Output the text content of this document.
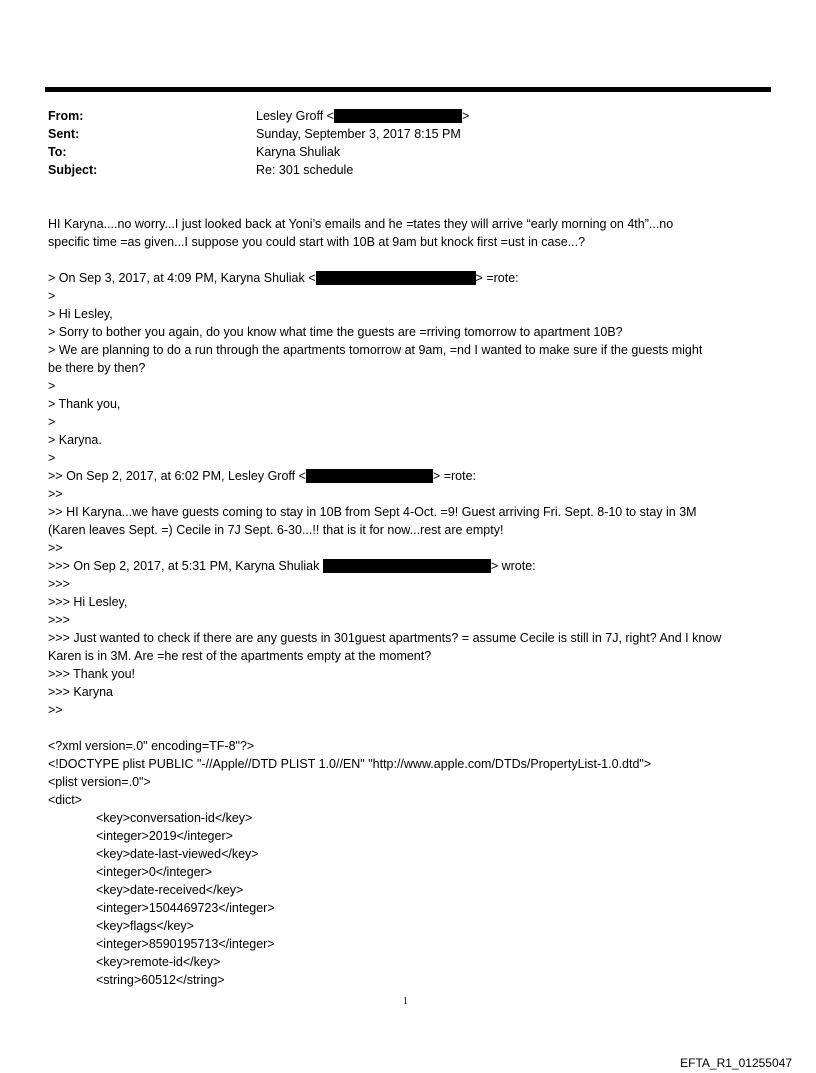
From:	Lesley Groff <	>
Sent:	Sunday, September 3, 2017 8:15 PM
To:	Karyna Shuliak
Subject:	Re: 301 schedule
HI Karyna....no worry...I just looked back at Yoni’s emails and he =tates they will arrive “early morning on 4th”...no
specific time =as given...I suppose you could start with 10B at 9am but knock first =ust in case...?
> On Sep 3, 2017, at 4:09 PM, Karyna Shuliak <	> =rote:
>
> Hi Lesley,
> Sorry to bother you again, do you know what time the guests are =rriving tomorrow to apartment 10B?
> We are planning to do a run through the apartments tomorrow at 9am, =nd I wanted to make sure if the guests might
be there by then?
>
> Thank you,
>
> Karyna.
>
>> On Sep 2, 2017, at 6:02 PM, Lesley Groff <	> =rote:
>>
>> HI Karyna...we have guests coming to stay in 10B from Sept 4-Oct. =9! Guest arriving Fri. Sept. 8-10 to stay in 3M
(Karen leaves Sept. =) Cecile in 7J Sept. 6-30...!! that is it for now...rest are empty!
>>
>>> On Sep 2, 2017, at 5:31 PM, Karyna Shuliak	> wrote:
>>>
>>> Hi Lesley,
>>>
>>> Just wanted to check if there are any guests in 301guest apartments? = assume Cecile is still in 7J, right? And I know
Karen is in 3M. Are =he rest of the apartments empty at the moment?
>>> Thank you!
>>> Karyna
>>
<?xml version=.0" encoding=TF-8"?>
<!DOCTYPE plist PUBLIC "-//Apple//DTD PLIST 1.0//EN" "http://www.apple.com/DTDs/PropertyList-1.0.dtd">
<plist version=.0">
<dict>
<key>conversation-id</key>
<integer>2019</integer>
<key>date-last-viewed</key>
<integer>0</integer>
<key>date-received</key>
<integer>1504469723</integer>
<key>flags</key>
<integer>8590195713</integer>
<key>remote-id</key>
<string>60512</string>
1
EFTA_R1_01255047
